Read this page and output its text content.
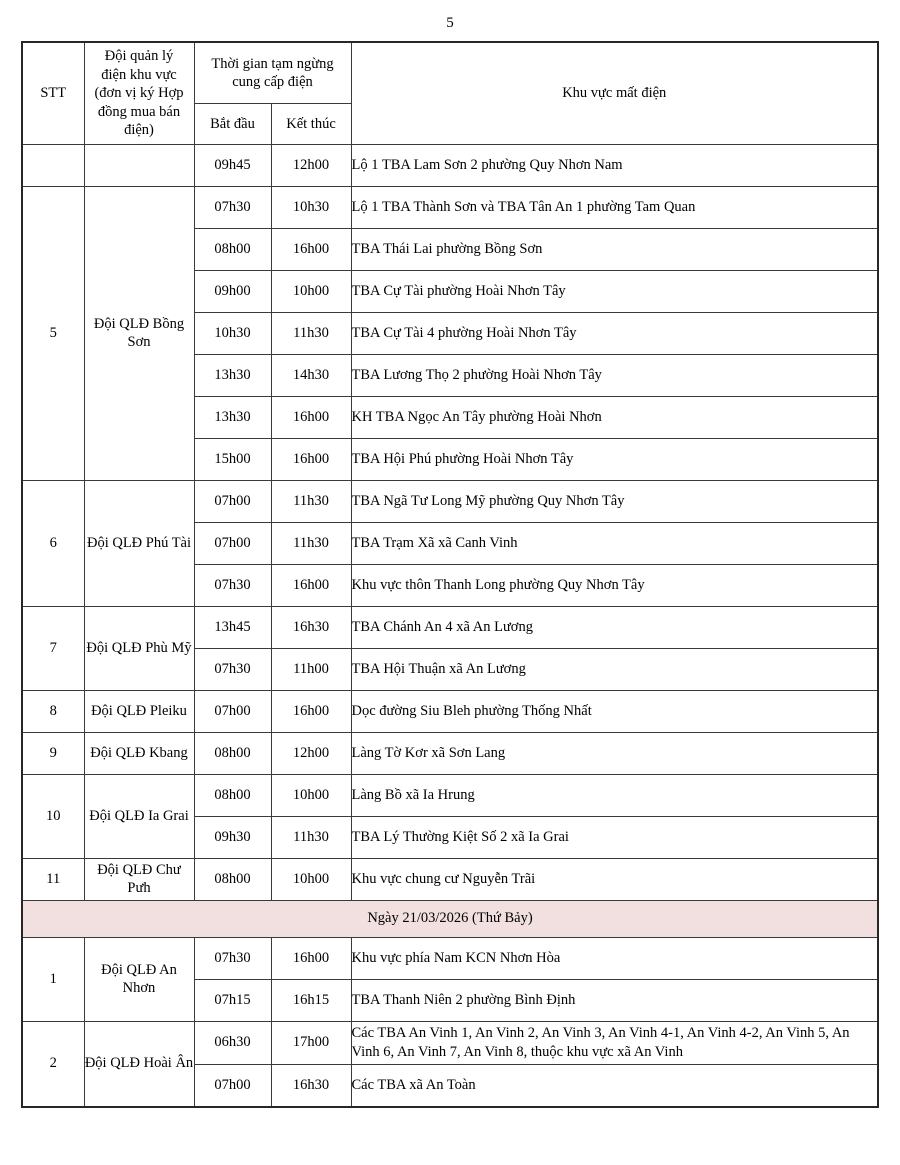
5
STT	Đội quản lý điện khu vực (đơn vị ký Hợp đồng mua bán điện)	Thời gian tạm ngừng cung cấp điện		Khu vực mất điện
		Bắt đầu	Kết thúc	
		09h45	12h00	Lộ 1 TBA Lam Sơn 2 phường Quy Nhơn Nam
5	Đội QLĐ Bồng Sơn	07h30	10h30	Lộ 1 TBA Thành Sơn và TBA Tân An 1 phường Tam Quan
		08h00	16h00	TBA Thái Lai phường Bồng Sơn
		09h00	10h00	TBA Cự Tài phường Hoài Nhơn Tây
		10h30	11h30	TBA Cự Tài 4 phường Hoài Nhơn Tây
		13h30	14h30	TBA Lương Thọ 2 phường Hoài Nhơn Tây
		13h30	16h00	KH TBA Ngọc An Tây phường Hoài Nhơn
		15h00	16h00	TBA Hội Phú phường Hoài Nhơn Tây
6	Đội QLĐ Phú Tài	07h00	11h30	TBA Ngã Tư Long Mỹ phường Quy Nhơn Tây
		07h00	11h30	TBA Trạm Xã xã Canh Vinh
		07h30	16h00	Khu vực thôn Thanh Long phường Quy Nhơn Tây
7	Đội QLĐ Phù Mỹ	13h45	16h30	TBA Chánh An 4 xã An Lương
		07h30	11h00	TBA Hội Thuận xã An Lương
8	Đội QLĐ Pleiku	07h00	16h00	Dọc đường Siu Bleh phường Thống Nhất
9	Đội QLĐ Kbang	08h00	12h00	Làng Tờ Kơr xã Sơn Lang
10	Đội QLĐ Ia Grai	08h00	10h00	Làng Bồ xã Ia Hrung
		09h30	11h30	TBA Lý Thường Kiệt Số 2 xã Ia Grai
11	Đội QLĐ Chư Pưh	08h00	10h00	Khu vực chung cư Nguyễn Trãi
Ngày 21/03/2026 (Thứ Bảy)				
1	Đội QLĐ An Nhơn	07h30	16h00	Khu vực phía Nam KCN Nhơn Hòa
		07h15	16h15	TBA Thanh Niên 2 phường Bình Định
2	Đội QLĐ Hoài Ân	06h30	17h00	Các TBA An Vinh 1, An Vinh 2, An Vinh 3, An Vinh 4-1, An Vinh 4-2, An Vinh 5, An Vinh 6, An Vinh 7, An Vinh 8, thuộc khu vực xã An Vinh
		07h00	16h30	Các TBA xã An Toàn
